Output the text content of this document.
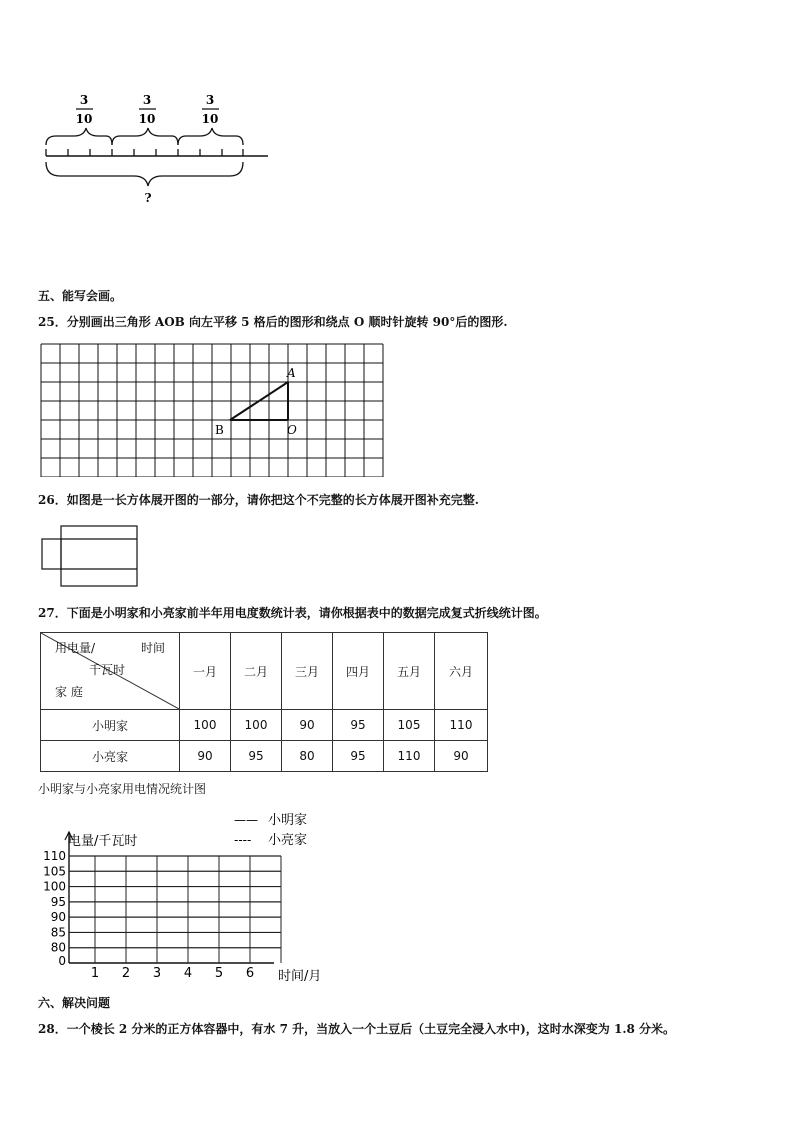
3
10
3
10
3
10
?
五、能写会画。
25．分别画出三角形 AOB 向左平移 5 格后的图形和绕点 O 顺时针旋转 90°后的图形.
A
B	O
26．如图是一长方体展开图的一部分，请你把这个不完整的长方体展开图补充完整.
27．下面是小明家和小亮家前半年用电度数统计表，请你根据表中的数据完成复式折线统计图。
用电量/ 时间
千瓦时
家 庭	一月	二月	三月	四月	五月	六月
小明家	100	100	90	95	105	110
小亮家	90	95	80	95	110	90
小明家与小亮家用电情况统计图
—— 小明家
---- 小亮家
电量/千瓦时
时间/月
110
105
100
95
90
85
80
0
1 2 3 4 5 6
六、解决问题
28．一个棱长 2 分米的正方体容器中，有水 7 升，当放入一个土豆后（土豆完全浸入水中)，这时水深变为 1.8 分米。
